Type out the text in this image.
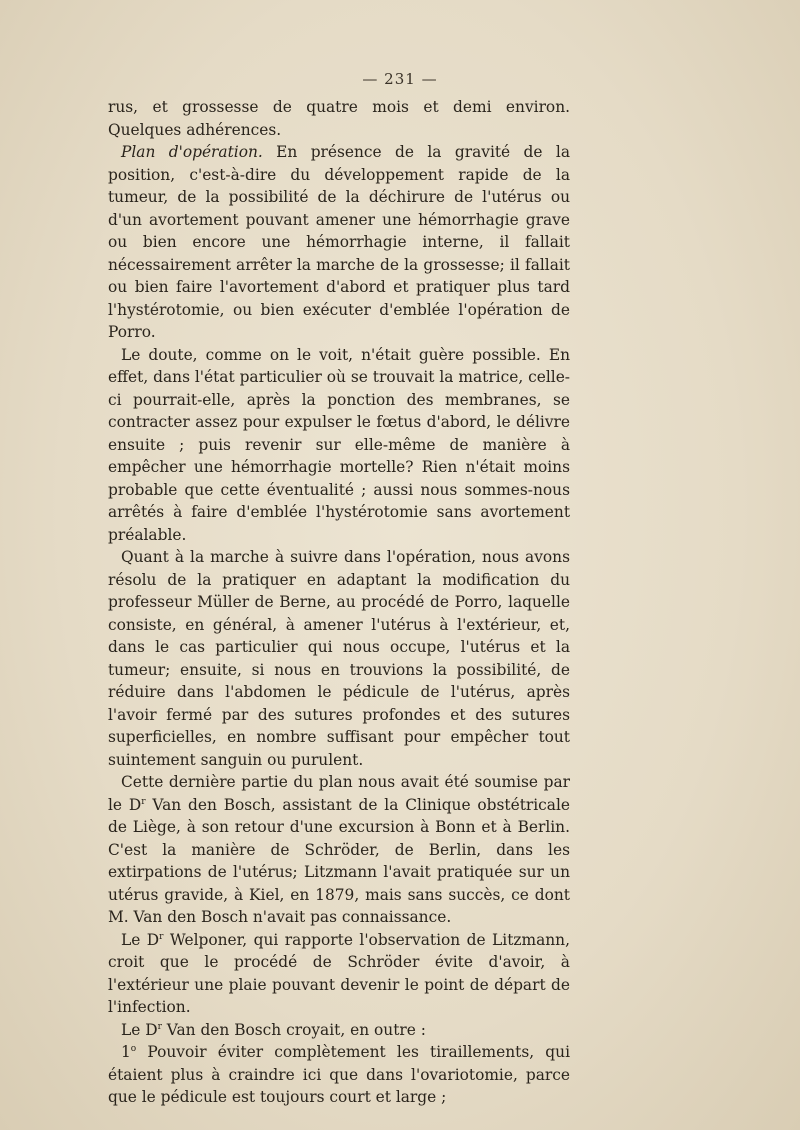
— 231 —

rus, et grossesse de quatre mois et demi environ. Quelques adhérences.

Plan d'opération. En présence de la gravité de la position, c'est-à-dire du développement rapide de la tumeur, de la possibilité de la déchirure de l'utérus ou d'un avortement pouvant amener une hémorrhagie grave ou bien encore une hémorrhagie interne, il fallait nécessairement arrêter la marche de la grossesse; il fallait ou bien faire l'avortement d'abord et pratiquer plus tard l'hystérotomie, ou bien exécuter d'emblée l'opération de Porro.

Le doute, comme on le voit, n'était guère possible. En effet, dans l'état particulier où se trouvait la matrice, celle-ci pourrait-elle, après la ponction des membranes, se contracter assez pour expulser le fœtus d'abord, le délivre ensuite ; puis revenir sur elle-même de manière à empêcher une hémorrhagie mortelle? Rien n'était moins probable que cette éventualité ; aussi nous sommes-nous arrêtés à faire d'emblée l'hystérotomie sans avortement préalable.

Quant à la marche à suivre dans l'opération, nous avons résolu de la pratiquer en adaptant la modification du professeur Müller de Berne, au procédé de Porro, laquelle consiste, en général, à amener l'utérus à l'extérieur, et, dans le cas particulier qui nous occupe, l'utérus et la tumeur; ensuite, si nous en trouvions la possibilité, de réduire dans l'abdomen le pédicule de l'utérus, après l'avoir fermé par des sutures profondes et des sutures superficielles, en nombre suffisant pour empêcher tout suintement sanguin ou purulent.

Cette dernière partie du plan nous avait été soumise par le $D^r$ Van den Bosch, assistant de la Clinique obstétricale de Liège, à son retour d'une excursion à Bonn et à Berlin. C'est la manière de Schröder, de Berlin, dans les extirpations de l'utérus; Litzmann l'avait pratiquée sur un utérus gravide, à Kiel, en 1879, mais sans succès, ce dont M. Van den Bosch n'avait pas connaissance.

Le $D^r$ Welponer, qui rapporte l'observation de Litzmann, croit que le procédé de Schröder évite d'avoir, à l'extérieur une plaie pouvant devenir le point de départ de l'infection.

Le $D^r$ Van den Bosch croyait, en outre :

1$^o$ Pouvoir éviter complètement les tiraillements, qui étaient plus à craindre ici que dans l'ovariotomie, parce que le pédicule est toujours court et large ;
